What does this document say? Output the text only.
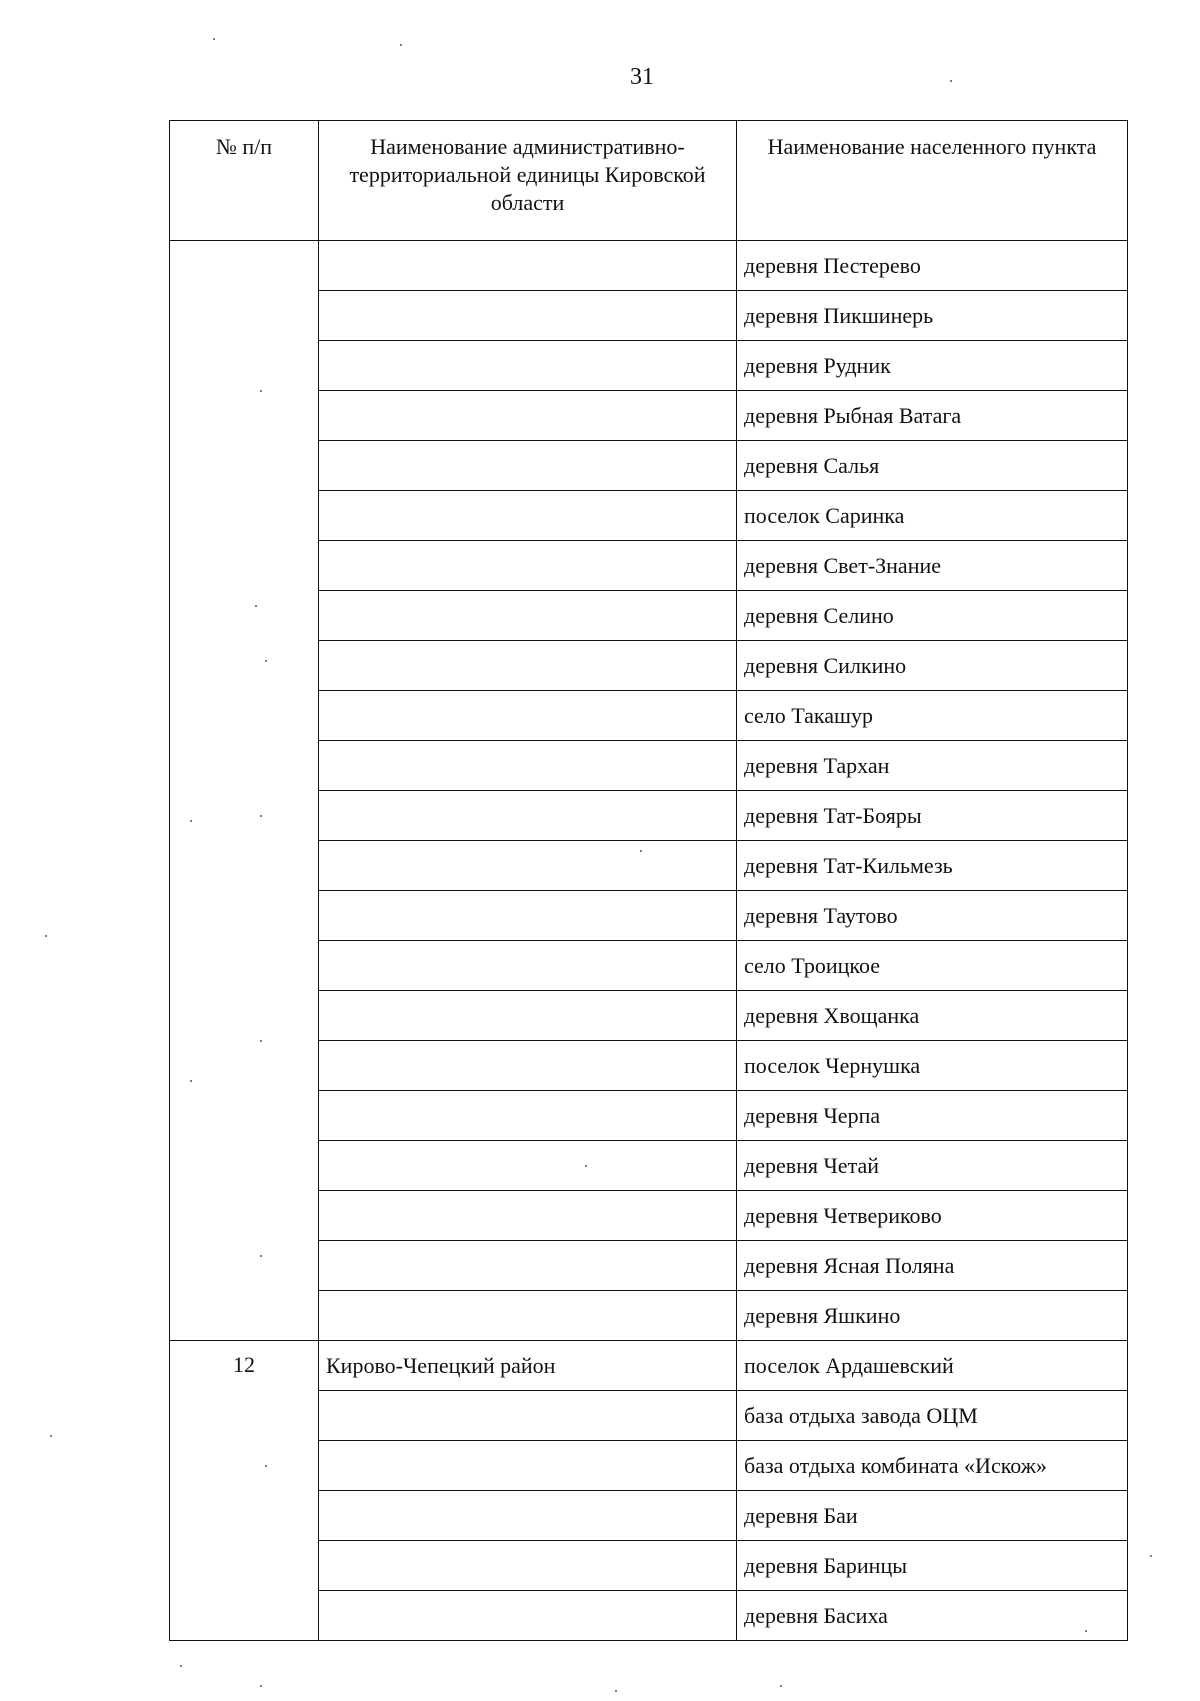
31
№ п/п	Наименование административно-территориальной единицы Кировской области	Наименование населенного пункта
		деревня Пестерево
		деревня Пикшинерь
		деревня Рудник
		деревня Рыбная Ватага
		деревня Салья
		поселок Саринка
		деревня Свет-Знание
		деревня Селино
		деревня Силкино
		село Такашур
		деревня Тархан
		деревня Тат-Бояры
		деревня Тат-Кильмезь
		деревня Таутово
		село Троицкое
		деревня Хвощанка
		поселок Чернушка
		деревня Черпа
		деревня Четай
		деревня Четвериково
		деревня Ясная Поляна
		деревня Яшкино
12	Кирово-Чепецкий район	поселок Ардашевский
		база отдыха завода ОЦМ
		база отдыха комбината «Искож»
		деревня Баи
		деревня Баринцы
		деревня Басиха
